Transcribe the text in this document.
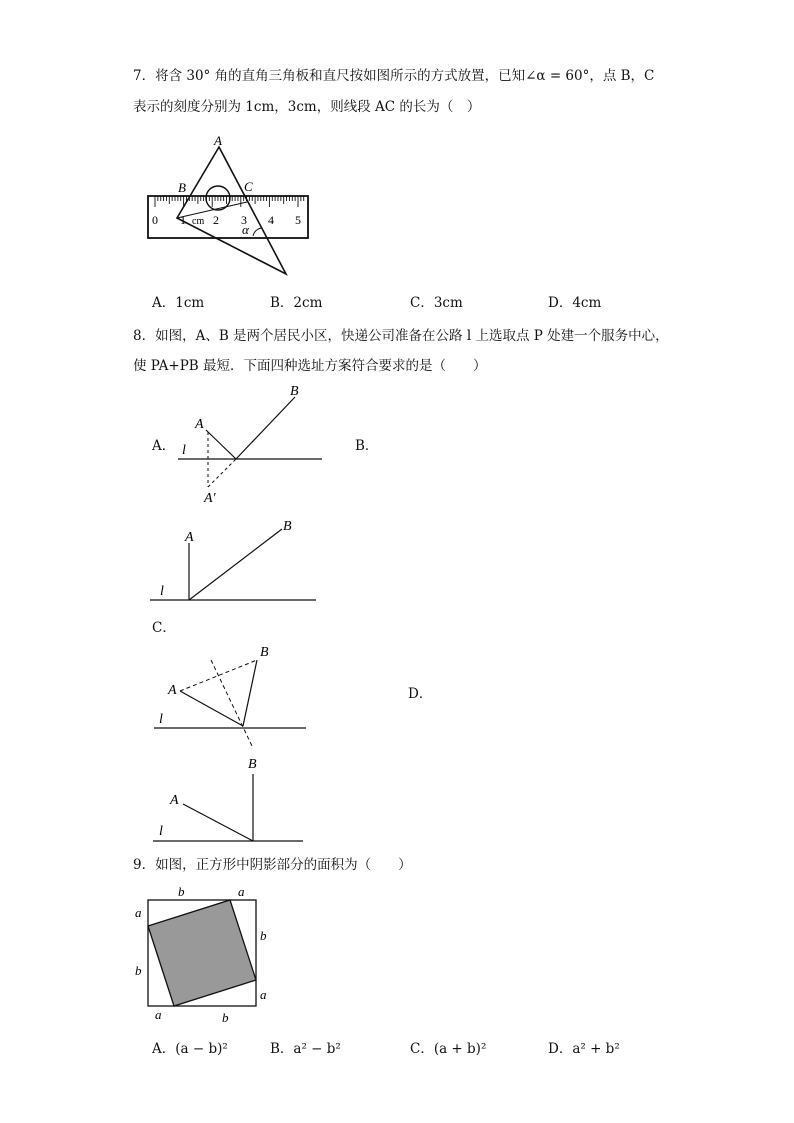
7．将含 30° 角的直角三角板和直尺按如图所示的方式放置，已知∠α = 60°，点 B，C
表示的刻度分别为 1cm，3cm，则线段 AC 的长为（　）
0 1 cm 2 3 4 5
A
B	C
α
A．1cm	B．2cm	C．3cm	D．4cm
8．如图，A、B 是两个居民小区，快递公司准备在公路 l 上选取点 P 处建一个服务中心，
使 PA+PB 最短．下面四种选址方案符合要求的是（　　）
A．
A
B
A′
l	B．
A
B
l
C．
A
B
l
D．
A
B
l
9．如图，正方形中阴影部分的面积为（　　）
b	a
a
b
b
a
a	b
A．(a − b)²	B．a² − b²	C．(a + b)²	D．a² + b²
